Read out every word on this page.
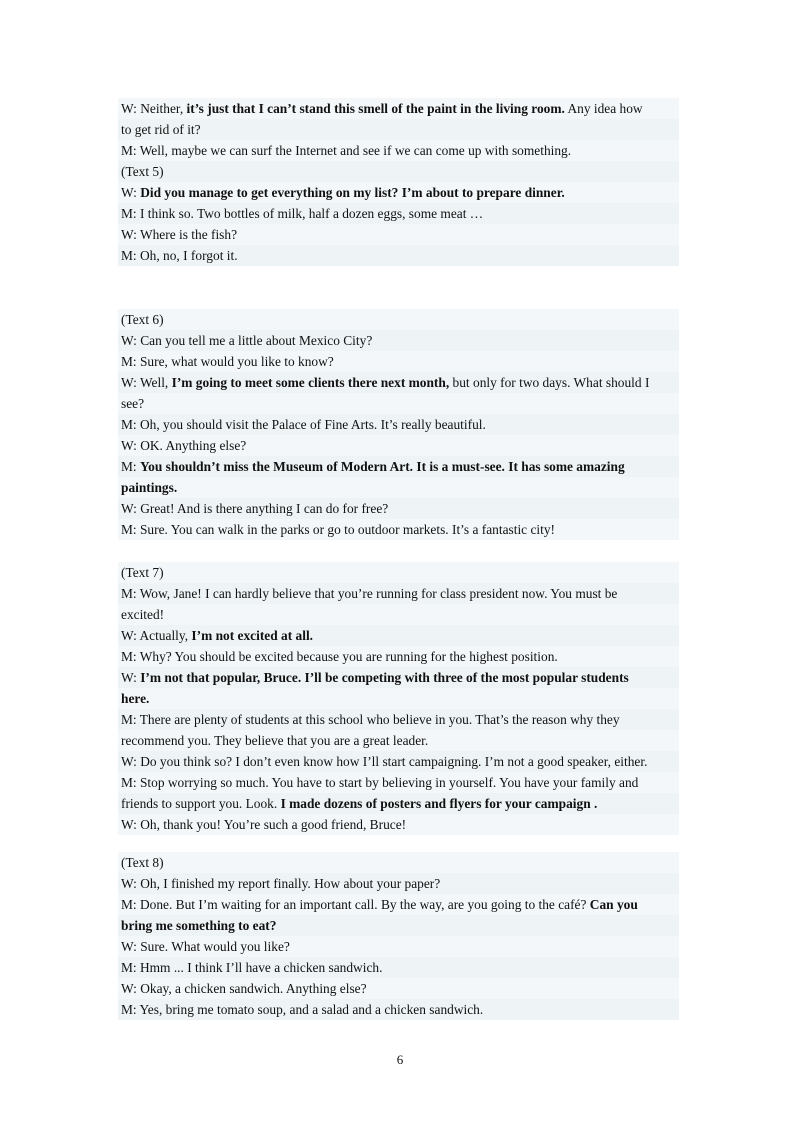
W: Neither, it’s just that I can’t stand this smell of the paint in the living room. Any idea how
to get rid of it?
M: Well, maybe we can surf the Internet and see if we can come up with something.
(Text 5)
W: Did you manage to get everything on my list? I’m about to prepare dinner.
M: I think so. Two bottles of milk, half a dozen eggs, some meat …
W: Where is the fish?
M: Oh, no, I forgot it.
(Text 6)
W: Can you tell me a little about Mexico City?
M: Sure, what would you like to know?
W: Well, I’m going to meet some clients there next month, but only for two days. What should I
see?
M: Oh, you should visit the Palace of Fine Arts. It’s really beautiful.
W: OK. Anything else?
M: You shouldn’t miss the Museum of Modern Art. It is a must-see. It has some amazing
paintings.
W: Great! And is there anything I can do for free?
M: Sure. You can walk in the parks or go to outdoor markets. It’s a fantastic city!
(Text 7)
M: Wow, Jane! I can hardly believe that you’re running for class president now. You must be
excited!
W: Actually, I’m not excited at all.
M: Why? You should be excited because you are running for the highest position.
W: I’m not that popular, Bruce. I’ll be competing with three of the most popular students
here.
M: There are plenty of students at this school who believe in you. That’s the reason why they
recommend you. They believe that you are a great leader.
W: Do you think so? I don’t even know how I’ll start campaigning. I’m not a good speaker, either.
M: Stop worrying so much. You have to start by believing in yourself. You have your family and
friends to support you. Look. I made dozens of posters and flyers for your campaign .
W: Oh, thank you! You’re such a good friend, Bruce!
(Text 8)
W: Oh, I finished my report finally. How about your paper?
M: Done. But I’m waiting for an important call. By the way, are you going to the café? Can you
bring me something to eat?
W: Sure. What would you like?
M: Hmm ... I think I’ll have a chicken sandwich.
W: Okay, a chicken sandwich. Anything else?
M: Yes, bring me tomato soup, and a salad and a chicken sandwich.
6
